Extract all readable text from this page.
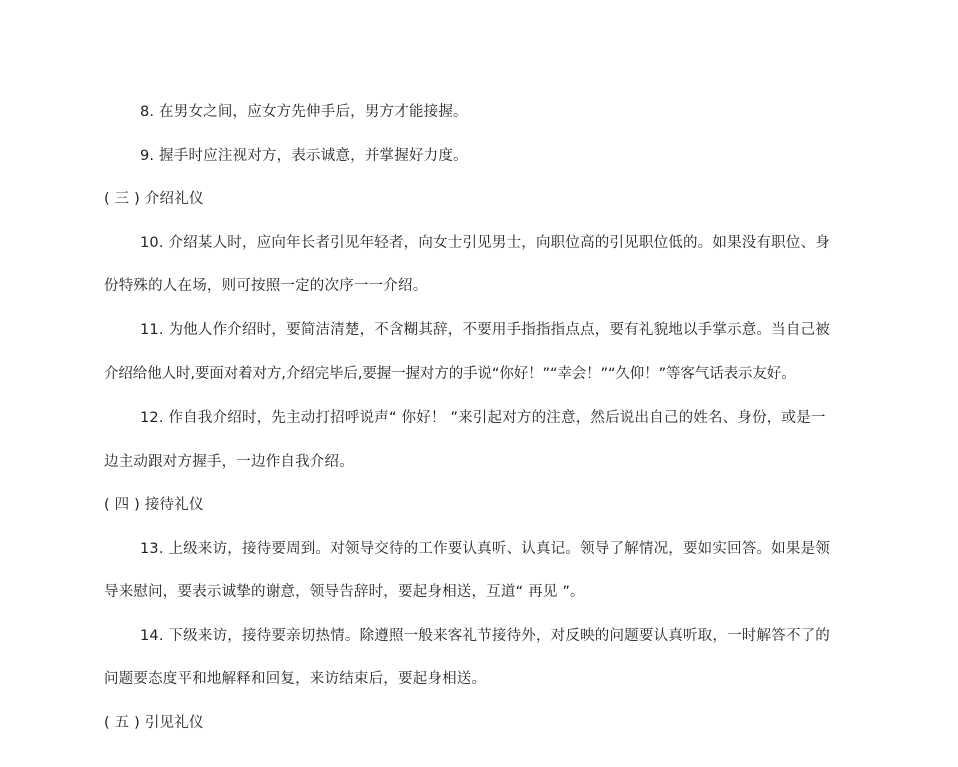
8. 在男女之间，应女方先伸手后，男方才能接握。
9. 握手时应注视对方，表示诚意，并掌握好力度。
( 三 ) 介绍礼仪
10. 介绍某人时，应向年长者引见年轻者，向女士引见男士，向职位高的引见职位低的。如果没有职位、身
份特殊的人在场，则可按照一定的次序一一介绍。
11. 为他人作介绍时，要简洁清楚，不含糊其辞，不要用手指指指点点，要有礼貌地以手掌示意。当自己被
介绍给他人时,要面对着对方,介绍完毕后,要握一握对方的手说“你好！”“幸会！”“久仰！”等客气话表示友好。
12. 作自我介绍时，先主动打招呼说声“ 你好！ ”来引起对方的注意，然后说出自己的姓名、身份，或是一
边主动跟对方握手，一边作自我介绍。
( 四 ) 接待礼仪
13. 上级来访，接待要周到。对领导交待的工作要认真听、认真记。领导了解情况，要如实回答。如果是领
导来慰问，要表示诚挚的谢意，领导告辞时，要起身相送，互道“ 再见 ”。
14. 下级来访，接待要亲切热情。除遵照一般来客礼节接待外，对反映的问题要认真听取，一时解答不了的
问题要态度平和地解释和回复，来访结束后，要起身相送。
( 五 ) 引见礼仪
